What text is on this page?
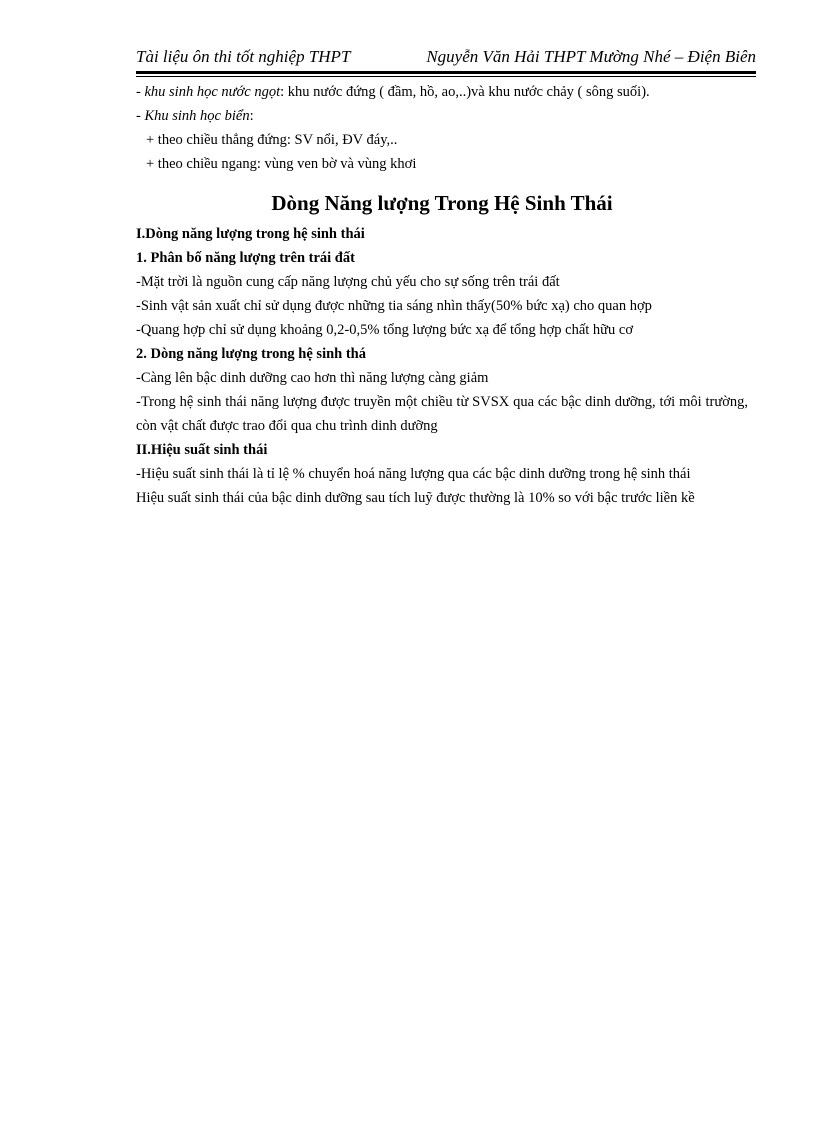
Tài liệu ôn thi tốt nghiệp THPT	Nguyễn Văn Hải THPT Mường Nhé – Điện Biên
- khu sinh học nước ngọt: khu nước đứng ( đầm, hồ, ao,..)và khu nước chảy ( sông suối).
- Khu sinh học biển:
+ theo chiều thẳng đứng: SV nổi, ĐV đáy,..
+ theo chiều ngang: vùng ven bờ và vùng khơi
Dòng Năng lượng Trong Hệ Sinh Thái
I.Dòng năng lượng trong hệ sinh thái
1. Phân bố năng lượng trên trái đất
-Mặt trời là nguồn cung cấp năng lượng chủ yếu cho sự sống trên trái đất
-Sinh vật sản xuất chỉ sử dụng được những tia sáng nhìn thấy(50% bức xạ) cho quan hợp
-Quang hợp chỉ sử dụng khoảng 0,2-0,5% tổng lượng bức xạ để tổng hợp chất hữu cơ
2. Dòng năng lượng trong hệ sinh thá
-Càng lên bậc dinh dưỡng cao hơn thì năng lượng càng giảm
-Trong hệ sinh thái năng lượng được truyền một chiều từ SVSX qua các bậc dinh dưỡng, tới môi trường, còn vật chất được trao đổi qua chu trình dinh dưỡng
II.Hiệu suất sinh thái
-Hiệu suất sinh thái là tỉ lệ % chuyển hoá năng lượng qua các bậc dinh dưỡng trong hệ sinh thái
Hiệu suất sinh thái của bậc dinh dưỡng sau tích luỹ được thường là 10% so với bậc trước liền kề
